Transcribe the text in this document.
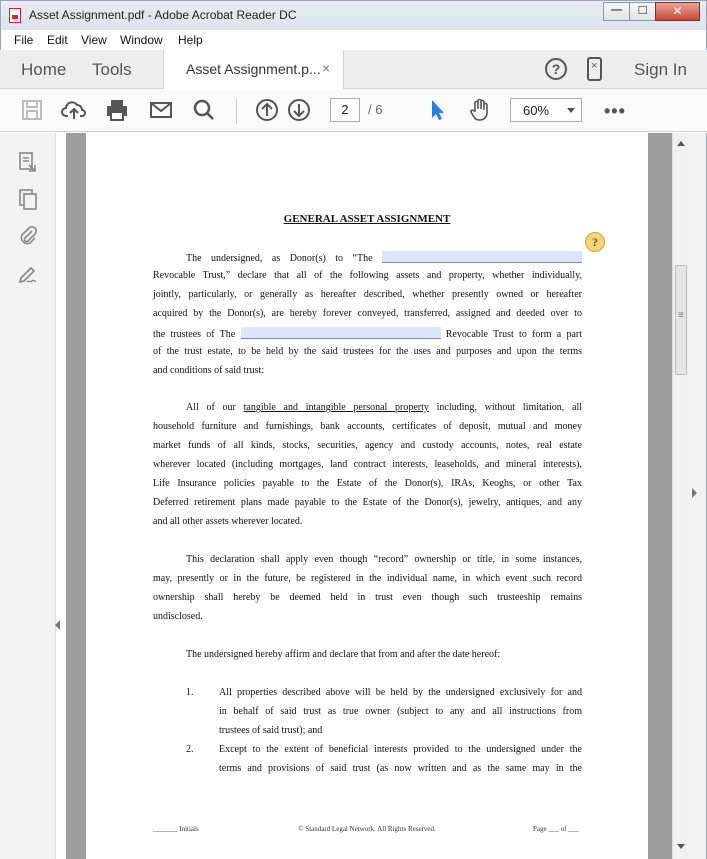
Asset Assignment.pdf - Adobe Acrobat Reader DC	—	☐	✕
File Edit View Window Help
Home Tools	Asset Assignment.p... ×	?
×	Sign In
2	/ 6	60%	•••
GENERAL ASSET ASSIGNMENT
?
The undersigned, as Donor(s) to “The
Revocable Trust,” declare that all of the following assets and property, whether individually,
jointly, particularly, or generally as hereafter described, whether presently owned or hereafter
acquired by the Donor(s), are hereby forever conveyed, transferred, assigned and deeded over to
the trustees of The	Revocable Trust to form a part
of the trust estate, to be held by the said trustees for the uses and purposes and upon the terms
and conditions of said trust:
All of our tangible and intangible personal property including, without limitation, all
household furniture and furnishings, bank accounts, certificates of deposit, mutual and money
market funds of all kinds, stocks, securities, agency and custody accounts, notes, real estate
wherever located (including mortgages, land contract interests, leaseholds, and mineral interests),
Life Insurance policies payable to the Estate of the Donor(s), IRAs, Keoghs, or other Tax
Deferred retirement plans made payable to the Estate of the Donor(s), jewelry, antiques, and any
and all other assets wherever located.
This declaration shall apply even though “record” ownership or title, in some instances,
may, presently or in the future, be registered in the individual name, in which event such record
ownership shall hereby be deemed held in trust even though such trusteeship remains
undisclosed.
The undersigned hereby affirm and declare that from and after the date hereof:
1.	All properties described above will be held by the undersigned exclusively for and
in behalf of said trust as true owner (subject to any and all instructions from
trustees of said trust); and
2.	Except to the extent of beneficial interests provided to the undersigned under the
terms and provisions of said trust (as now written and as the same may in the
_______ Initials	© Standard Legal Network. All Rights Reserved.	Page ___ of ___
≡
